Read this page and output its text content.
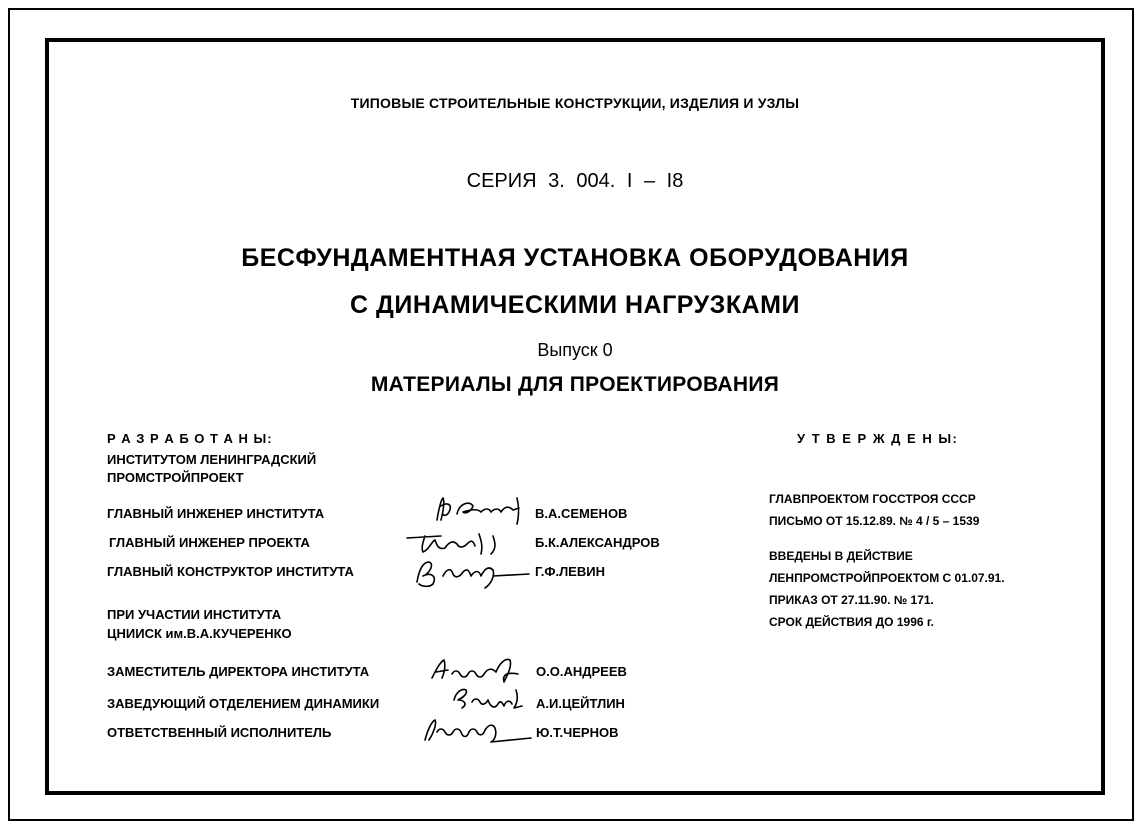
ТИПОВЫЕ СТРОИТЕЛЬНЫЕ КОНСТРУКЦИИ, ИЗДЕЛИЯ И УЗЛЫ
СЕРИЯ 3. 004. I – I8
БЕСФУНДАМЕНТНАЯ УСТАНОВКА ОБОРУДОВАНИЯ
С ДИНАМИЧЕСКИМИ НАГРУЗКАМИ
Выпуск 0
МАТЕРИАЛЫ ДЛЯ ПРОЕКТИРОВАНИЯ
Р А З Р А Б О Т А Н Ы:
ИНСТИТУТОМ ЛЕНИНГРАДСКИЙ
ПРОМСТРОЙПРОЕКТ
ГЛАВНЫЙ ИНЖЕНЕР ИНСТИТУТА	В.А.СЕМЕНОВ
ГЛАВНЫЙ ИНЖЕНЕР ПРОЕКТА	Б.К.АЛЕКСАНДРОВ
ГЛАВНЫЙ КОНСТРУКТОР ИНСТИТУТА	Г.Ф.ЛЕВИН
ПРИ УЧАСТИИ ИНСТИТУТА
ЦНИИСК им.В.А.КУЧЕРЕНКО
ЗАМЕСТИТЕЛЬ ДИРЕКТОРА ИНСТИТУТА	О.О.АНДРЕЕВ
ЗАВЕДУЮЩИЙ ОТДЕЛЕНИЕМ ДИНАМИКИ	А.И.ЦЕЙТЛИН
ОТВЕТСТВЕННЫЙ ИСПОЛНИТЕЛЬ	Ю.Т.ЧЕРНОВ
У Т В Е Р Ж Д Е Н Ы:
ГЛАВПРОЕКТОМ ГОССТРОЯ СССР
ПИСЬМО ОТ 15.12.89. № 4 / 5 – 1539
ВВЕДЕНЫ В ДЕЙСТВИЕ
ЛЕНПРОМСТРОЙПРОЕКТОМ С 01.07.91.
ПРИКАЗ ОТ 27.11.90. № 171.
СРОК ДЕЙСТВИЯ ДО 1996 г.
